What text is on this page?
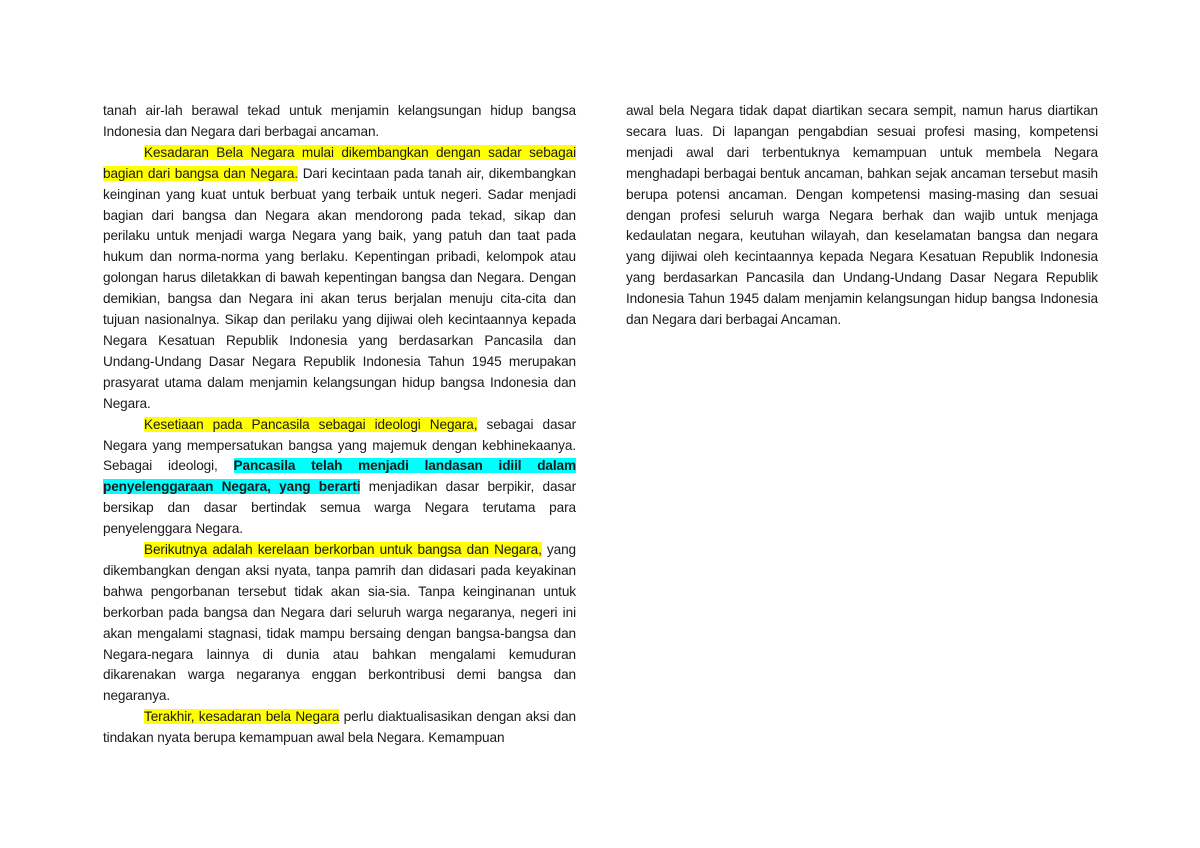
tanah air-lah berawal tekad untuk menjamin kelangsungan hidup bangsa Indonesia dan Negara dari berbagai ancaman.

Kesadaran Bela Negara mulai dikembangkan dengan sadar sebagai bagian dari bangsa dan Negara. Dari kecintaan pada tanah air, dikembangkan keinginan yang kuat untuk berbuat yang terbaik untuk negeri. Sadar menjadi bagian dari bangsa dan Negara akan mendorong pada tekad, sikap dan perilaku untuk menjadi warga Negara yang baik, yang patuh dan taat pada hukum dan norma-norma yang berlaku. Kepentingan pribadi, kelompok atau golongan harus diletakkan di bawah kepentingan bangsa dan Negara. Dengan demikian, bangsa dan Negara ini akan terus berjalan menuju cita-cita dan tujuan nasionalnya. Sikap dan perilaku yang dijiwai oleh kecintaannya kepada Negara Kesatuan Republik Indonesia yang berdasarkan Pancasila dan Undang-Undang Dasar Negara Republik Indonesia Tahun 1945 merupakan prasyarat utama dalam menjamin kelangsungan hidup bangsa Indonesia dan Negara.

Kesetiaan pada Pancasila sebagai ideologi Negara, sebagai dasar Negara yang mempersatukan bangsa yang majemuk dengan kebhinekaanya. Sebagai ideologi, Pancasila telah menjadi landasan idiil dalam penyelenggaraan Negara, yang berarti menjadikan dasar berpikir, dasar bersikap dan dasar bertindak semua warga Negara terutama para penyelenggara Negara.

Berikutnya adalah kerelaan berkorban untuk bangsa dan Negara, yang dikembangkan dengan aksi nyata, tanpa pamrih dan didasari pada keyakinan bahwa pengorbanan tersebut tidak akan sia-sia. Tanpa keinginanan untuk berkorban pada bangsa dan Negara dari seluruh warga negaranya, negeri ini akan mengalami stagnasi, tidak mampu bersaing dengan bangsa-bangsa dan Negara-negara lainnya di dunia atau bahkan mengalami kemuduran dikarenakan warga negaranya enggan berkontribusi demi bangsa dan negaranya.

Terakhir, kesadaran bela Negara perlu diaktualisasikan dengan aksi dan tindakan nyata berupa kemampuan awal bela Negara. Kemampuan

awal bela Negara tidak dapat diartikan secara sempit, namun harus diartikan secara luas. Di lapangan pengabdian sesuai profesi masing, kompetensi menjadi awal dari terbentuknya kemampuan untuk membela Negara menghadapi berbagai bentuk ancaman, bahkan sejak ancaman tersebut masih berupa potensi ancaman. Dengan kompetensi masing-masing dan sesuai dengan profesi seluruh warga Negara berhak dan wajib untuk menjaga kedaulatan negara, keutuhan wilayah, dan keselamatan bangsa dan negara yang dijiwai oleh kecintaannya kepada Negara Kesatuan Republik Indonesia yang berdasarkan Pancasila dan Undang-Undang Dasar Negara Republik Indonesia Tahun 1945 dalam menjamin kelangsungan hidup bangsa Indonesia dan Negara dari berbagai Ancaman.
